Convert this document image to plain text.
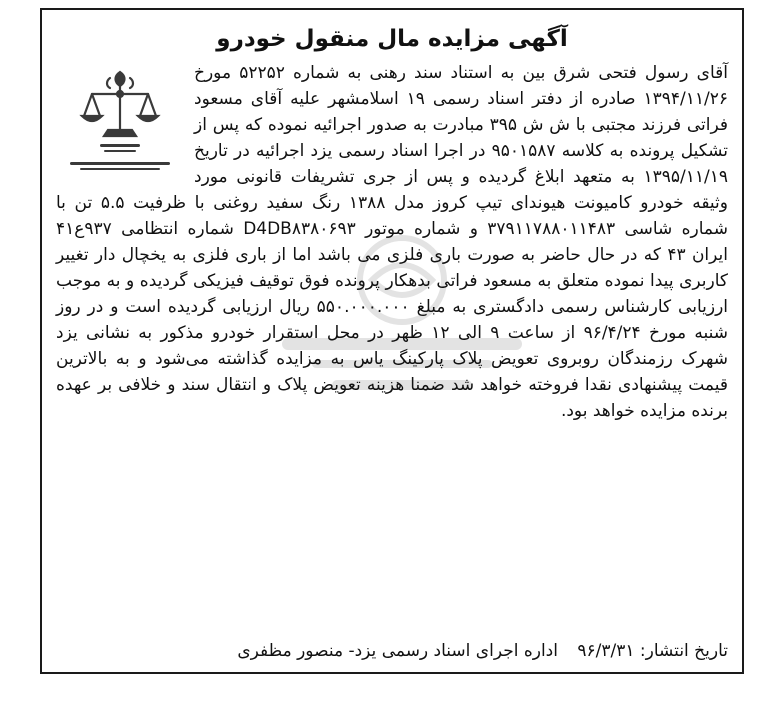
آگهی مزایده مال منقول خودرو

آقای رسول فتحی شرق بین به استناد سند رهنی به شماره ۵۲۲۵۲ مورخ ۱۳۹۴/۱۱/۲۶ صادره از دفتر اسناد رسمی ۱۹ اسلامشهر علیه آقای مسعود فراتی فرزند مجتبی با ش ش ۳۹۵ مبادرت به صدور اجرائیه نموده که پس از تشکیل پرونده به کلاسه ۹۵۰۱۵۸۷ در اجرا اسناد رسمی یزد اجرائیه در تاریخ ۱۳۹۵/۱۱/۱۹ به متعهد ابلاغ گردیده و پس از جری تشریفات قانونی مورد وثیقه خودرو کامیونت هیوندای تیپ کروز مدل ۱۳۸۸ رنگ سفید روغنی با ظرفیت ۵.۵ تن با شماره شاسی ۳۷۹۱۱۷۸۸۰۱۱۴۸۳ و شماره موتور D4DB۸۳۸۰۶۹۳ شماره انتظامی ۹۳۷ع۴۱ ایران ۴۳ که در حال حاضر به صورت باری فلزی می باشد اما از باری فلزی به یخچال دار تغییر کاربری پیدا نموده متعلق به مسعود فراتی بدهکار پرونده فوق توقیف فیزیکی گردیده و به موجب ارزیابی کارشناس رسمی دادگستری به مبلغ ۵۵۰.۰۰۰.۰۰۰ ریال ارزیابی گردیده است و در روز شنبه مورخ ۹۶/۴/۲۴ از ساعت ۹ الی ۱۲ ظهر در محل استقرار خودرو مذکور به نشانی یزد شهرک رزمندگان روبروی تعویض پلاک پارکینگ یاس به مزایده گذاشته می‌شود و به بالاترین قیمت پیشنهادی نقدا فروخته خواهد شد ضمنا هزینه تعویض پلاک و انتقال سند و خلافی بر عهده برنده مزایده خواهد بود.

تاریخ انتشار: ۹۶/۳/۳۱ اداره اجرای اسناد رسمی یزد- منصور مظفری
